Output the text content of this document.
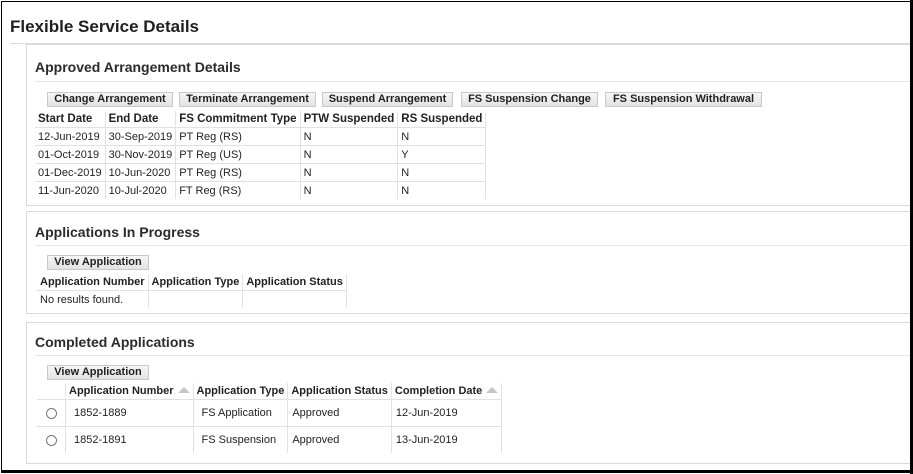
Flexible Service Details
Approved Arrangement Details
Change Arrangement	Terminate Arrangement	Suspend Arrangement	FS Suspension Change	FS Suspension Withdrawal
Start Date	End Date	FS Commitment Type	PTW Suspended	RS Suspended
12-Jun-2019	30-Sep-2019	PT Reg (RS)	N	N
01-Oct-2019	30-Nov-2019	PT Reg (US)	N	Y
01-Dec-2019	10-Jun-2020	PT Reg (RS)	N	N
11-Jun-2020	10-Jul-2020	FT Reg (RS)	N	N
Applications In Progress
View Application
Application Number	Application Type	Application Status
No results found.		
Completed Applications
View Application
	Application Number	Application Type	Application Status	Completion Date
	1852-1889	FS Application	Approved	12-Jun-2019
	1852-1891	FS Suspension	Approved	13-Jun-2019
